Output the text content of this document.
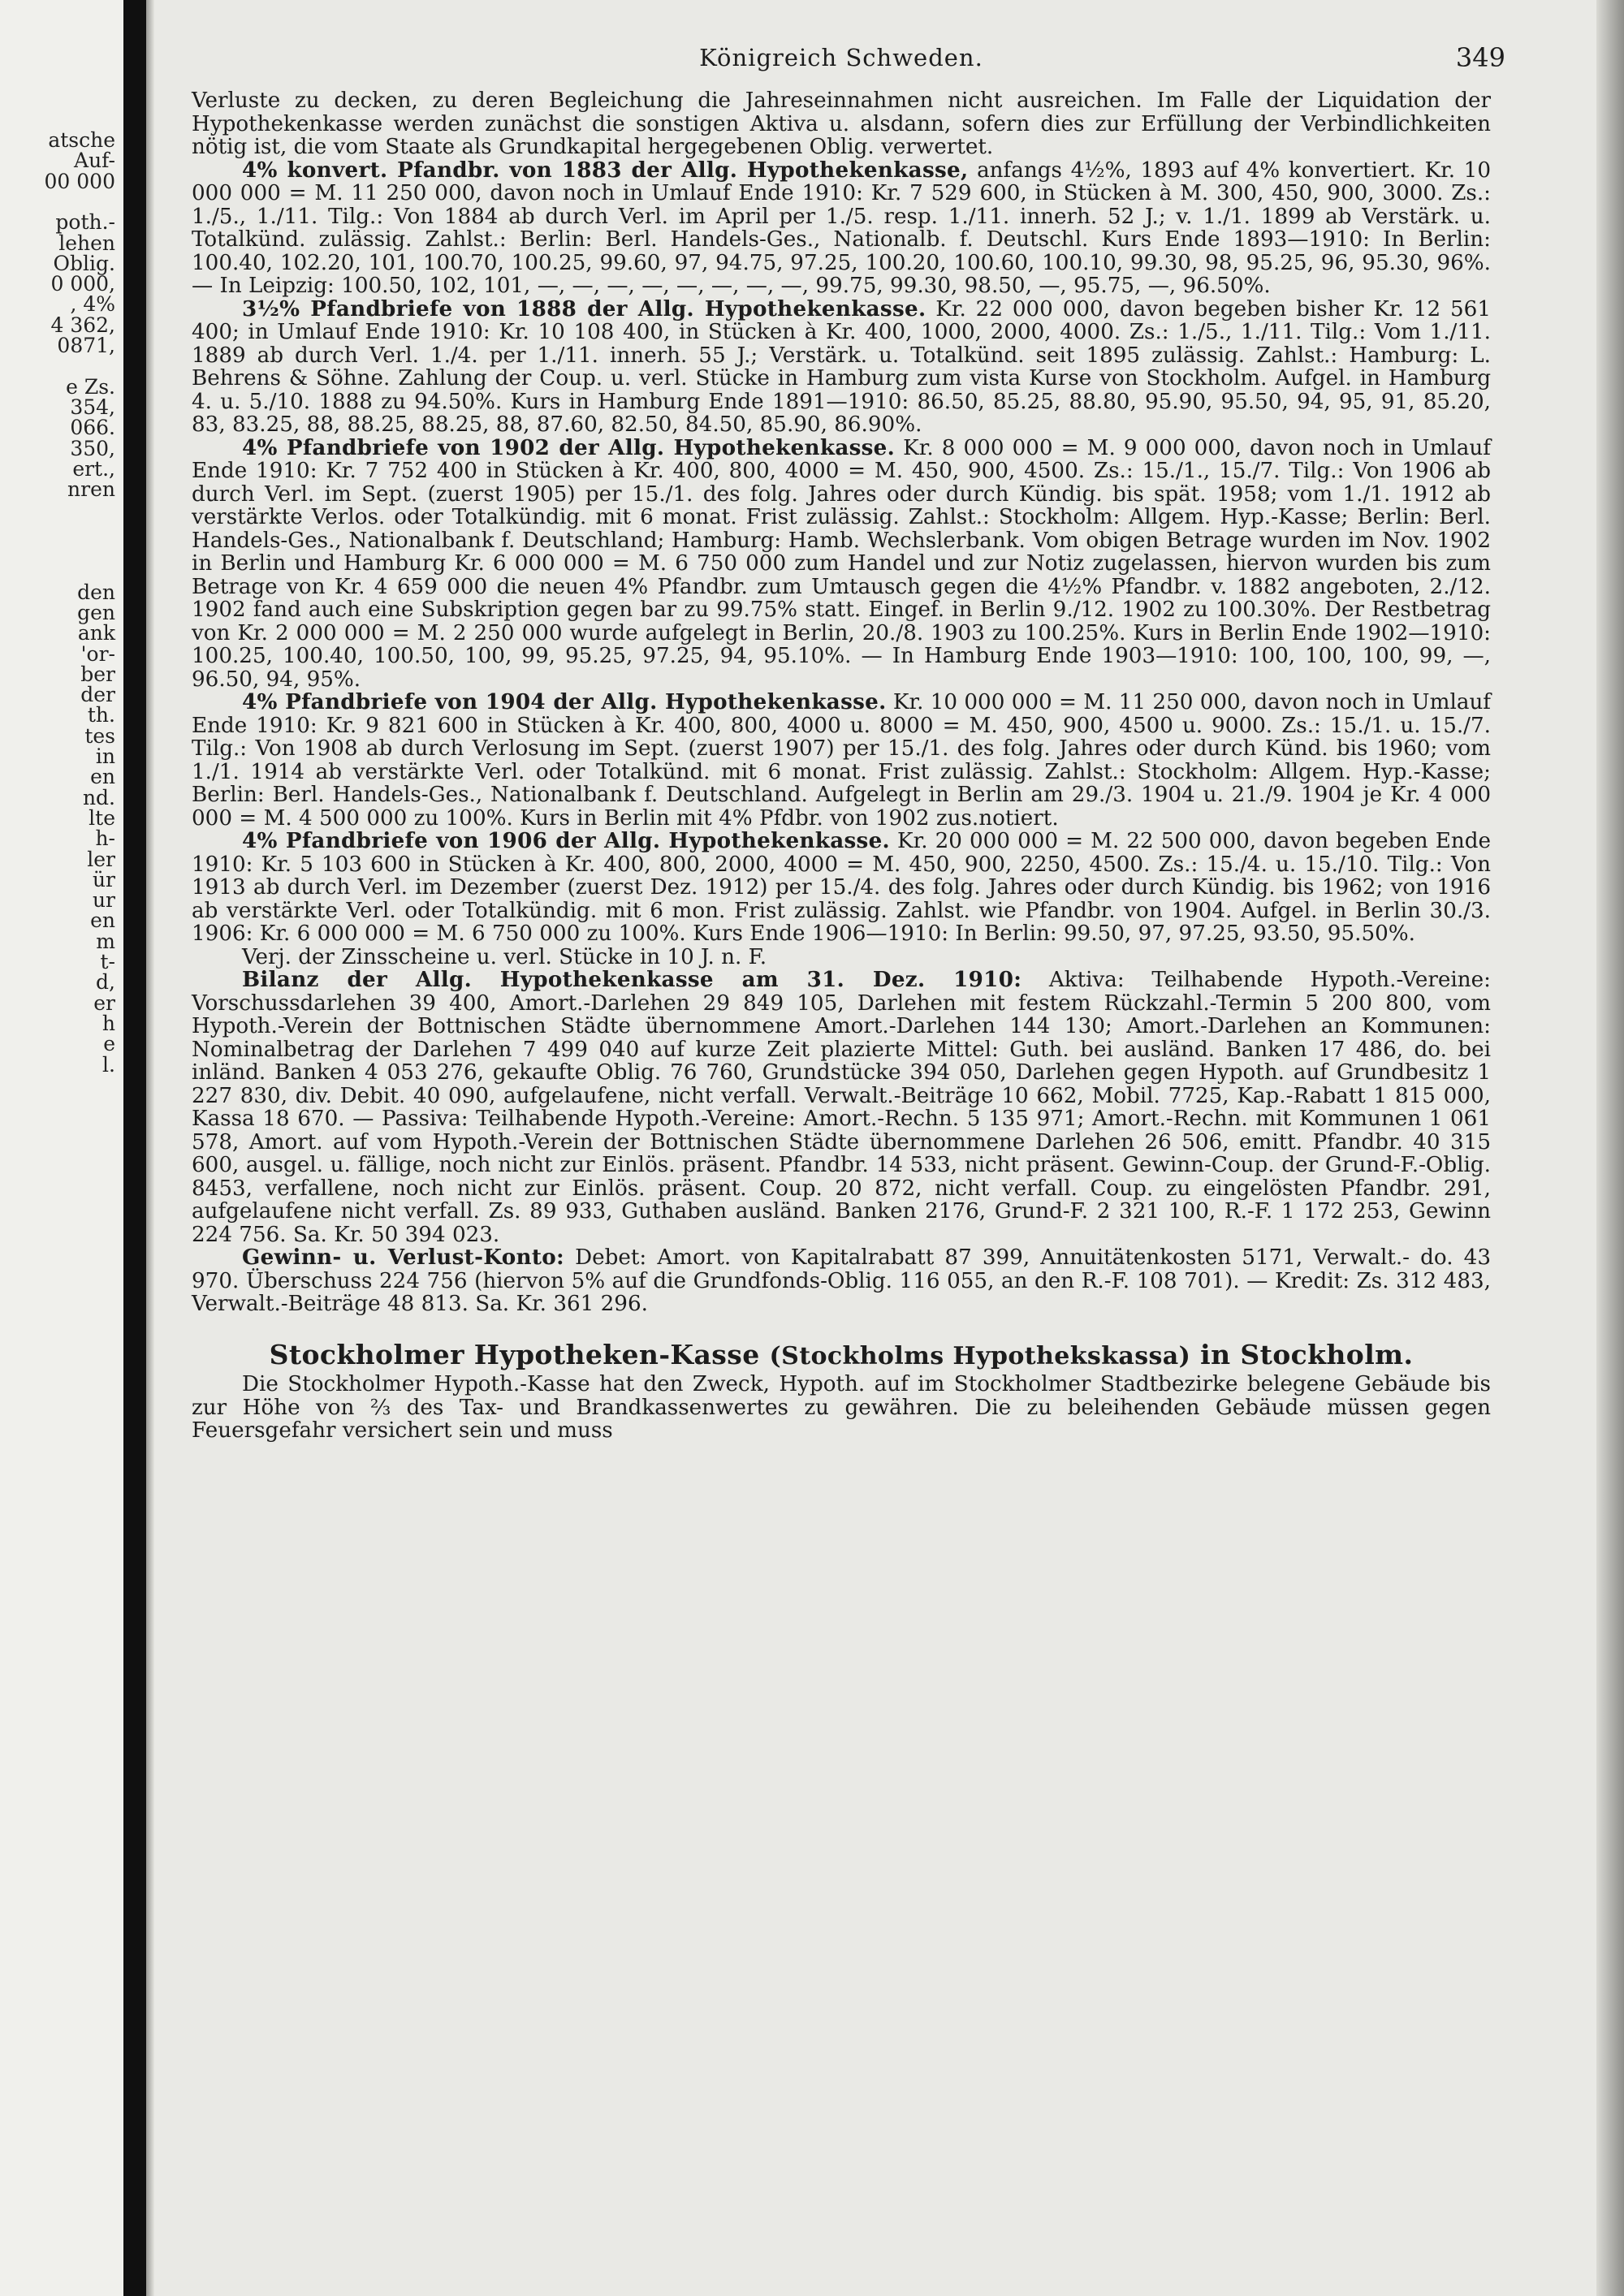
atsche
Auf-
00 000
poth.-
lehen
Oblig.
0 000,
, 4%
4 362,
0871,
e Zs.
354,
066.
350,
ert.,
nren
den
gen
ank
'or-
ber
der
th.
tes
in
en
nd.
lte
h-
ler
ür
ur
en
m
t-
d,
er
h
e
l.
Königreich Schweden.	349

Verluste zu decken, zu deren Begleichung die Jahreseinnahmen nicht ausreichen. Im Falle der Liquidation der Hypothekenkasse werden zunächst die sonstigen Aktiva u. alsdann, sofern dies zur Erfüllung der Verbindlichkeiten nötig ist, die vom Staate als Grundkapital hergegebenen Oblig. verwertet.

4% konvert. Pfandbr. von 1883 der Allg. Hypothekenkasse, anfangs 4½%, 1893 auf 4% konvertiert. Kr. 10 000 000 = M. 11 250 000, davon noch in Umlauf Ende 1910: Kr. 7 529 600, in Stücken à M. 300, 450, 900, 3000. Zs.: 1./5., 1./11. Tilg.: Von 1884 ab durch Verl. im April per 1./5. resp. 1./11. innerh. 52 J.; v. 1./1. 1899 ab Verstärk. u. Totalkünd. zulässig. Zahlst.: Berlin: Berl. Handels-Ges., Nationalb. f. Deutschl. Kurs Ende 1893—1910: In Berlin: 100.40, 102.20, 101, 100.70, 100.25, 99.60, 97, 94.75, 97.25, 100.20, 100.60, 100.10, 99.30, 98, 95.25, 96, 95.30, 96%. — In Leipzig: 100.50, 102, 101, —, —, —, —, —, —, —, —, 99.75, 99.30, 98.50, —, 95.75, —, 96.50%.

3½% Pfandbriefe von 1888 der Allg. Hypothekenkasse. Kr. 22 000 000, davon begeben bisher Kr. 12 561 400; in Umlauf Ende 1910: Kr. 10 108 400, in Stücken à Kr. 400, 1000, 2000, 4000. Zs.: 1./5., 1./11. Tilg.: Vom 1./11. 1889 ab durch Verl. 1./4. per 1./11. innerh. 55 J.; Verstärk. u. Totalkünd. seit 1895 zulässig. Zahlst.: Hamburg: L. Behrens & Söhne. Zahlung der Coup. u. verl. Stücke in Hamburg zum vista Kurse von Stockholm. Aufgel. in Hamburg 4. u. 5./10. 1888 zu 94.50%. Kurs in Hamburg Ende 1891—1910: 86.50, 85.25, 88.80, 95.90, 95.50, 94, 95, 91, 85.20, 83, 83.25, 88, 88.25, 88.25, 88, 87.60, 82.50, 84.50, 85.90, 86.90%.

4% Pfandbriefe von 1902 der Allg. Hypothekenkasse. Kr. 8 000 000 = M. 9 000 000, davon noch in Umlauf Ende 1910: Kr. 7 752 400 in Stücken à Kr. 400, 800, 4000 = M. 450, 900, 4500. Zs.: 15./1., 15./7. Tilg.: Von 1906 ab durch Verl. im Sept. (zuerst 1905) per 15./1. des folg. Jahres oder durch Kündig. bis spät. 1958; vom 1./1. 1912 ab verstärkte Verlos. oder Totalkündig. mit 6 monat. Frist zulässig. Zahlst.: Stockholm: Allgem. Hyp.-Kasse; Berlin: Berl. Handels-Ges., Nationalbank f. Deutschland; Hamburg: Hamb. Wechslerbank. Vom obigen Betrage wurden im Nov. 1902 in Berlin und Hamburg Kr. 6 000 000 = M. 6 750 000 zum Handel und zur Notiz zugelassen, hiervon wurden bis zum Betrage von Kr. 4 659 000 die neuen 4% Pfandbr. zum Umtausch gegen die 4½% Pfandbr. v. 1882 angeboten, 2./12. 1902 fand auch eine Subskription gegen bar zu 99.75% statt. Eingef. in Berlin 9./12. 1902 zu 100.30%. Der Restbetrag von Kr. 2 000 000 = M. 2 250 000 wurde aufgelegt in Berlin, 20./8. 1903 zu 100.25%. Kurs in Berlin Ende 1902—1910: 100.25, 100.40, 100.50, 100, 99, 95.25, 97.25, 94, 95.10%. — In Hamburg Ende 1903—1910: 100, 100, 100, 99, —, 96.50, 94, 95%.

4% Pfandbriefe von 1904 der Allg. Hypothekenkasse. Kr. 10 000 000 = M. 11 250 000, davon noch in Umlauf Ende 1910: Kr. 9 821 600 in Stücken à Kr. 400, 800, 4000 u. 8000 = M. 450, 900, 4500 u. 9000. Zs.: 15./1. u. 15./7. Tilg.: Von 1908 ab durch Verlosung im Sept. (zuerst 1907) per 15./1. des folg. Jahres oder durch Künd. bis 1960; vom 1./1. 1914 ab verstärkte Verl. oder Totalkünd. mit 6 monat. Frist zulässig. Zahlst.: Stockholm: Allgem. Hyp.-Kasse; Berlin: Berl. Handels-Ges., Nationalbank f. Deutschland. Aufgelegt in Berlin am 29./3. 1904 u. 21./9. 1904 je Kr. 4 000 000 = M. 4 500 000 zu 100%. Kurs in Berlin mit 4% Pfdbr. von 1902 zus.notiert.

4% Pfandbriefe von 1906 der Allg. Hypothekenkasse. Kr. 20 000 000 = M. 22 500 000, davon begeben Ende 1910: Kr. 5 103 600 in Stücken à Kr. 400, 800, 2000, 4000 = M. 450, 900, 2250, 4500. Zs.: 15./4. u. 15./10. Tilg.: Von 1913 ab durch Verl. im Dezember (zuerst Dez. 1912) per 15./4. des folg. Jahres oder durch Kündig. bis 1962; von 1916 ab verstärkte Verl. oder Totalkündig. mit 6 mon. Frist zulässig. Zahlst. wie Pfandbr. von 1904. Aufgel. in Berlin 30./3. 1906: Kr. 6 000 000 = M. 6 750 000 zu 100%. Kurs Ende 1906—1910: In Berlin: 99.50, 97, 97.25, 93.50, 95.50%.

Verj. der Zinsscheine u. verl. Stücke in 10 J. n. F.

Bilanz der Allg. Hypothekenkasse am 31. Dez. 1910: Aktiva: Teilhabende Hypoth.-Vereine: Vorschussdarlehen 39 400, Amort.-Darlehen 29 849 105, Darlehen mit festem Rückzahl.-Termin 5 200 800, vom Hypoth.-Verein der Bottnischen Städte übernommene Amort.-Darlehen 144 130; Amort.-Darlehen an Kommunen: Nominalbetrag der Darlehen 7 499 040 auf kurze Zeit plazierte Mittel: Guth. bei ausländ. Banken 17 486, do. bei inländ. Banken 4 053 276, gekaufte Oblig. 76 760, Grundstücke 394 050, Darlehen gegen Hypoth. auf Grundbesitz 1 227 830, div. Debit. 40 090, aufgelaufene, nicht verfall. Verwalt.-Beiträge 10 662, Mobil. 7725, Kap.-Rabatt 1 815 000, Kassa 18 670. — Passiva: Teilhabende Hypoth.-Vereine: Amort.-Rechn. 5 135 971; Amort.-Rechn. mit Kommunen 1 061 578, Amort. auf vom Hypoth.-Verein der Bottnischen Städte übernommene Darlehen 26 506, emitt. Pfandbr. 40 315 600, ausgel. u. fällige, noch nicht zur Einlös. präsent. Pfandbr. 14 533, nicht präsent. Gewinn-Coup. der Grund-F.-Oblig. 8453, verfallene, noch nicht zur Einlös. präsent. Coup. 20 872, nicht verfall. Coup. zu eingelösten Pfandbr. 291, aufgelaufene nicht verfall. Zs. 89 933, Guthaben ausländ. Banken 2176, Grund-F. 2 321 100, R.-F. 1 172 253, Gewinn 224 756. Sa. Kr. 50 394 023.

Gewinn- u. Verlust-Konto: Debet: Amort. von Kapitalrabatt 87 399, Annuitätenkosten 5171, Verwalt.- do. 43 970. Überschuss 224 756 (hiervon 5% auf die Grundfonds-Oblig. 116 055, an den R.-F. 108 701). — Kredit: Zs. 312 483, Verwalt.-Beiträge 48 813. Sa. Kr. 361 296.

Stockholmer Hypotheken-Kasse (Stockholms Hypothekskassa) in Stockholm.

Die Stockholmer Hypoth.-Kasse hat den Zweck, Hypoth. auf im Stockholmer Stadtbezirke belegene Gebäude bis zur Höhe von ⅔ des Tax- und Brandkassenwertes zu gewähren. Die zu beleihenden Gebäude müssen gegen Feuersgefahr versichert sein und muss
